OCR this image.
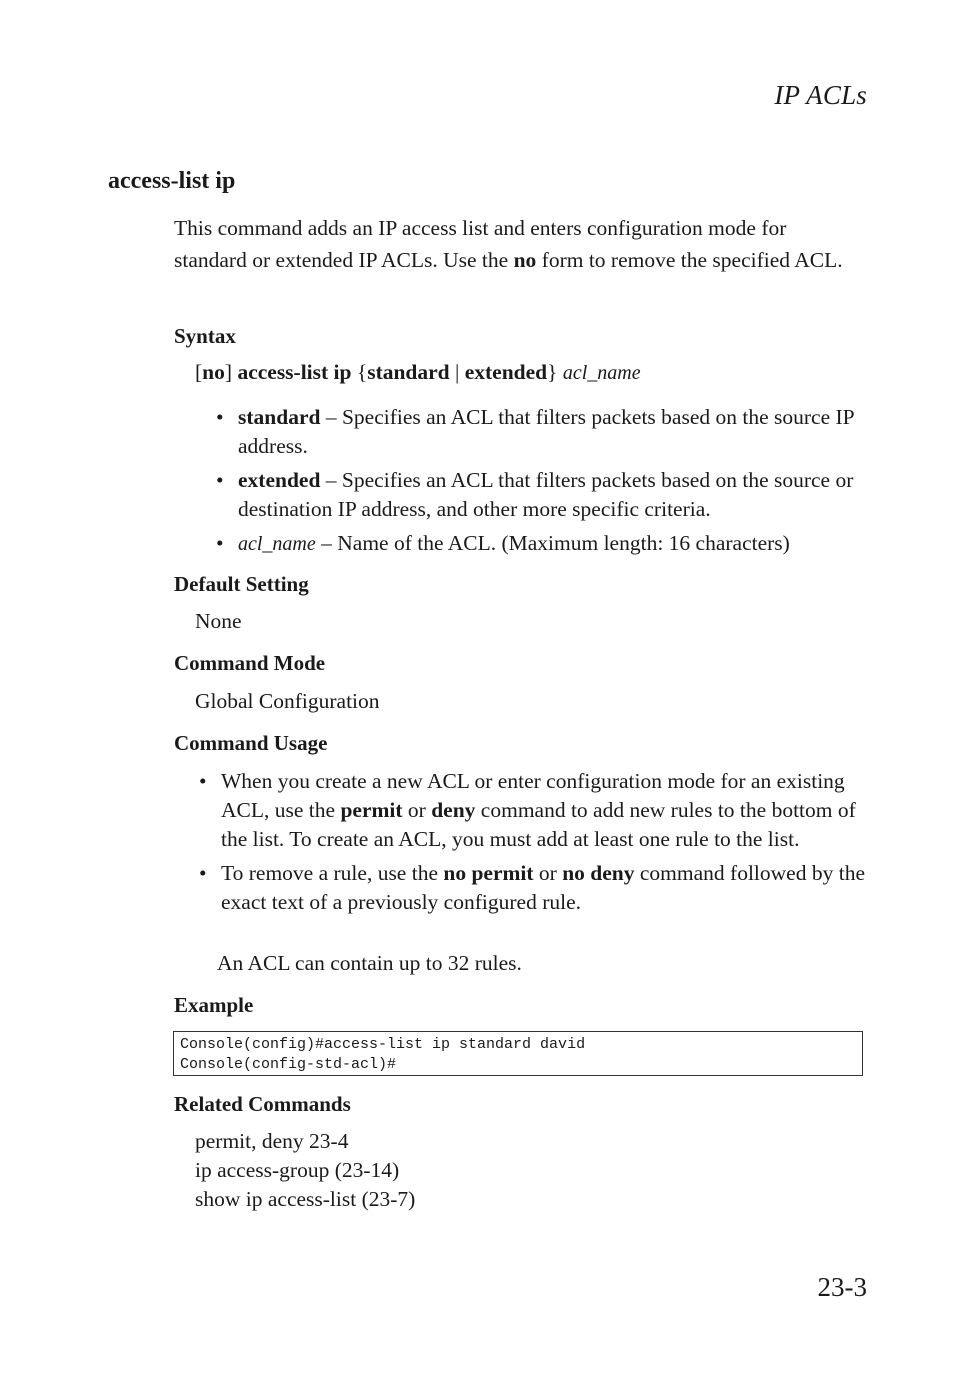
IP ACLs
access-list ip
This command adds an IP access list and enters configuration mode for standard or extended IP ACLs. Use the no form to remove the specified ACL.
Syntax
[no] access-list ip {standard | extended} acl_name
• standard – Specifies an ACL that filters packets based on the source IP address.
• extended – Specifies an ACL that filters packets based on the source or destination IP address, and other more specific criteria.
• acl_name – Name of the ACL. (Maximum length: 16 characters)
Default Setting
None
Command Mode
Global Configuration
Command Usage
• When you create a new ACL or enter configuration mode for an existing ACL, use the permit or deny command to add new rules to the bottom of the list. To create an ACL, you must add at least one rule to the list.
• To remove a rule, use the no permit or no deny command followed by the exact text of a previously configured rule.
An ACL can contain up to 32 rules.
Example
Console(config)#access-list ip standard david
Console(config-std-acl)#
Related Commands
permit, deny 23-4
ip access-group (23-14)
show ip access-list (23-7)
23-3
